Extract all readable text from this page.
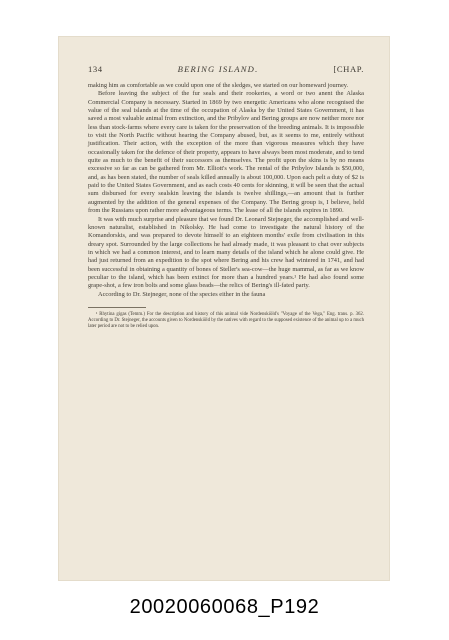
134	BERING ISLAND.	[CHAP.

making him as comfortable as we could upon one of the sledges, we started on our homeward journey.

Before leaving the subject of the fur seals and their rookeries, a word or two anent the Alaska Commercial Company is necessary. Started in 1869 by two energetic Americans who alone recognised the value of the seal islands at the time of the occupation of Alaska by the United States Government, it has saved a most valuable animal from extinction, and the Pribylov and Bering groups are now neither more nor less than stock-farms where every care is taken for the preservation of the breeding animals. It is impossible to visit the North Pacific without hearing the Company abused, but, as it seems to me, entirely without justification. Their action, with the exception of the more than vigorous measures which they have occasionally taken for the defence of their property, appears to have always been most moderate, and to tend quite as much to the benefit of their successors as themselves. The profit upon the skins is by no means excessive so far as can be gathered from Mr. Elliott's work. The rental of the Pribylov Islands is $50,000, and, as has been stated, the number of seals killed annually is about 100,000. Upon each pelt a duty of $2 is paid to the United States Government, and as each costs 40 cents for skinning, it will be seen that the actual sum disbursed for every sealskin leaving the islands is twelve shillings,—an amount that is further augmented by the addition of the general expenses of the Company. The Bering group is, I believe, held from the Russians upon rather more advantageous terms. The lease of all the islands expires in 1890.

It was with much surprise and pleasure that we found Dr. Leonard Stejneger, the accomplished and well-known naturalist, established in Nikolsky. He had come to investigate the natural history of the Komandorskis, and was prepared to devote himself to an eighteen months' exile from civilisation in this dreary spot. Surrounded by the large collections he had already made, it was pleasant to chat over subjects in which we had a common interest, and to learn many details of the island which he alone could give. He had just returned from an expedition to the spot where Bering and his crew had wintered in 1741, and had been successful in obtaining a quantity of bones of Steller's sea-cow—the huge mammal, as far as we know peculiar to the island, which has been extinct for more than a hundred years.¹ He had also found some grape-shot, a few iron bolts and some glass beads—the relics of Bering's ill-fated party.

According to Dr. Stejneger, none of the species either in the fauna

¹ Rhytina gigas (Temm.) For the description and history of this animal vide Nordenskiöld's "Voyage of the Vega," Eng. trans. p. 362. According to Dr. Stejneger, the accounts given to Nordenskiöld by the natives with regard to the supposed existence of the animal up to a much later period are not to be relied upon.

20020060068_P192
